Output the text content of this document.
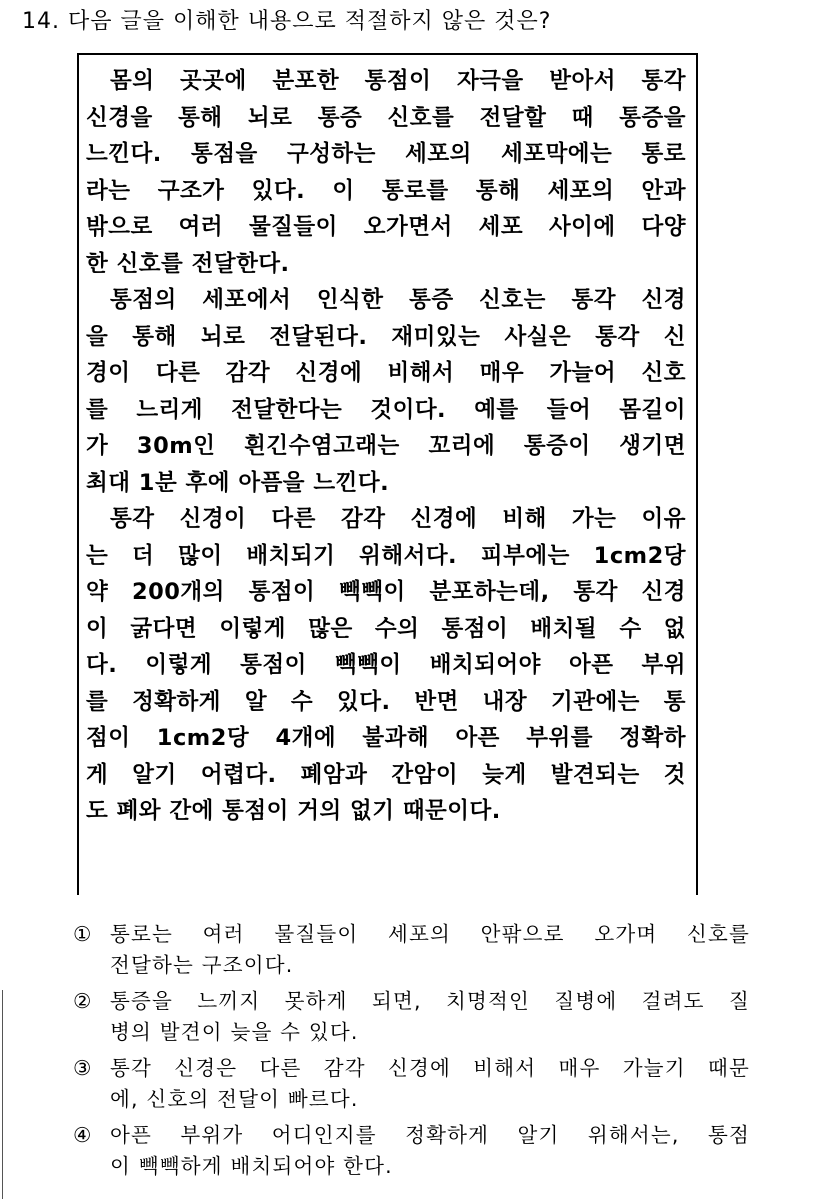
14. 다음 글을 이해한 내용으로 적절하지 않은 것은?
몸의 곳곳에 분포한 통점이 자극을 받아서 통각
신경을 통해 뇌로 통증 신호를 전달할 때 통증을
느낀다. 통점을 구성하는 세포의 세포막에는 통로
라는 구조가 있다. 이 통로를 통해 세포의 안과
밖으로 여러 물질들이 오가면서 세포 사이에 다양
한 신호를 전달한다.
통점의 세포에서 인식한 통증 신호는 통각 신경
을 통해 뇌로 전달된다. 재미있는 사실은 통각 신
경이 다른 감각 신경에 비해서 매우 가늘어 신호
를 느리게 전달한다는 것이다. 예를 들어 몸길이
가 30m인 흰긴수염고래는 꼬리에 통증이 생기면
최대 1분 후에 아픔을 느낀다.
통각 신경이 다른 감각 신경에 비해 가는 이유
는 더 많이 배치되기 위해서다. 피부에는 1cm2당
약 200개의 통점이 빽빽이 분포하는데, 통각 신경
이 굵다면 이렇게 많은 수의 통점이 배치될 수 없
다. 이렇게 통점이 빽빽이 배치되어야 아픈 부위
를 정확하게 알 수 있다. 반면 내장 기관에는 통
점이 1cm2당 4개에 불과해 아픈 부위를 정확하
게 알기 어렵다. 폐암과 간암이 늦게 발견되는 것
도 폐와 간에 통점이 거의 없기 때문이다.
① 통로는 여러 물질들이 세포의 안팎으로 오가며 신호를
전달하는 구조이다.
② 통증을 느끼지 못하게 되면, 치명적인 질병에 걸려도 질
병의 발견이 늦을 수 있다.
③ 통각 신경은 다른 감각 신경에 비해서 매우 가늘기 때문
에, 신호의 전달이 빠르다.
④ 아픈 부위가 어디인지를 정확하게 알기 위해서는, 통점
이 빽빽하게 배치되어야 한다.
